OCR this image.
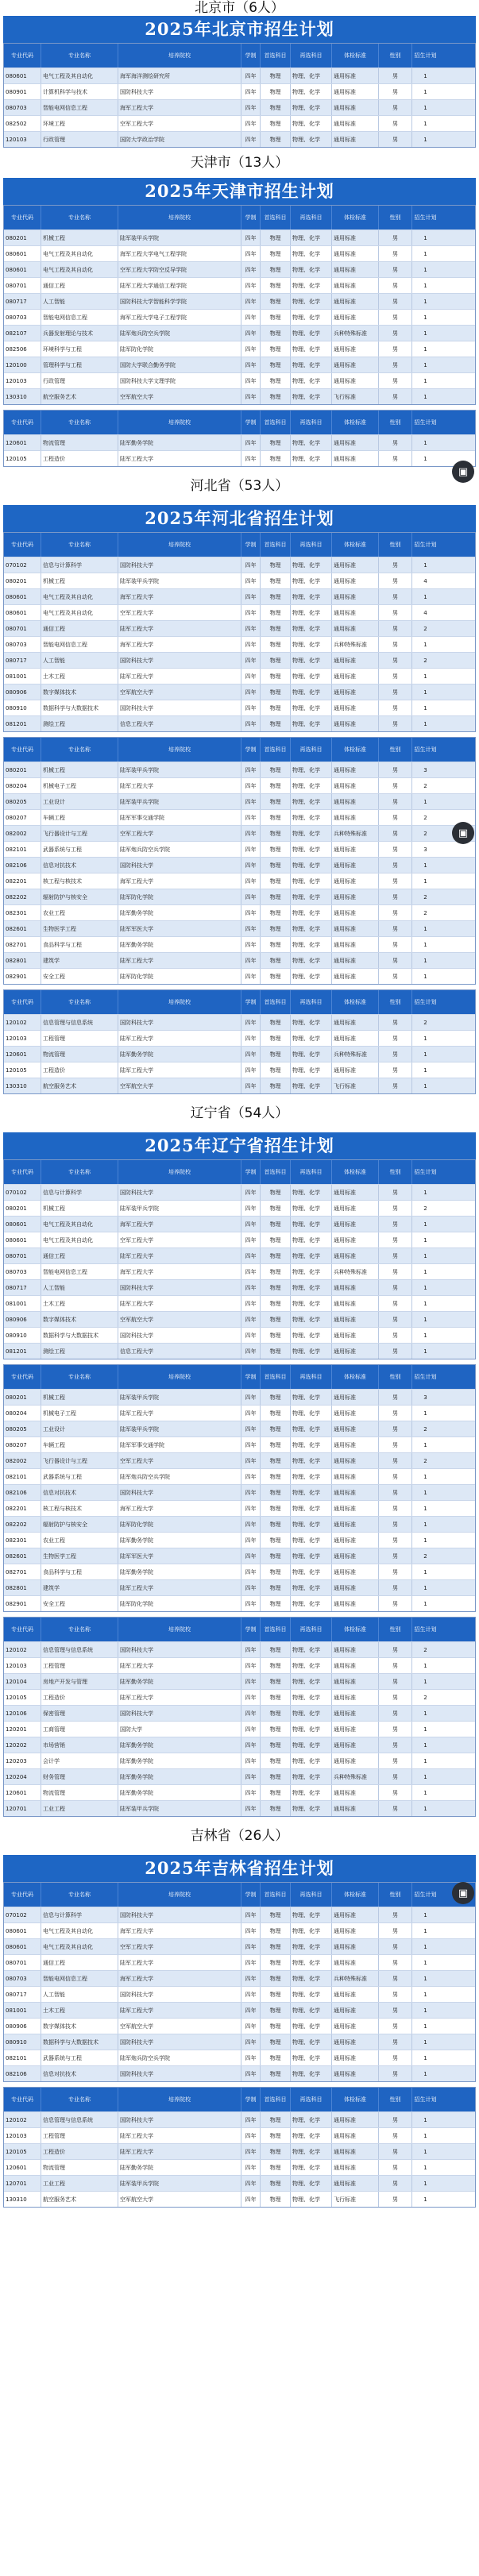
北京市（6人）
2025年北京市招生计划
专业代码	专业名称	培养院校	学制	首选科目	再选科目	体检标准	性别	招生计划
080601	电气工程及其自动化	海军海洋测绘研究所	四年	物理	物理、化学	通用标准	男	1
080901	计算机科学与技术	国防科技大学	四年	物理	物理、化学	通用标准	男	1
080703	智能电网信息工程	海军工程大学	四年	物理	物理、化学	通用标准	男	1
082502	环境工程	空军工程大学	四年	物理	物理、化学	通用标准	男	1
120103	行政管理	国防大学政治学院	四年	物理	物理、化学	通用标准	男	1
天津市（13人）
2025年天津市招生计划
专业代码	专业名称	培养院校	学制	首选科目	再选科目	体检标准	性别	招生计划
080201	机械工程	陆军装甲兵学院	四年	物理	物理、化学	通用标准	男	1
080601	电气工程及其自动化	海军工程大学电气工程学院	四年	物理	物理、化学	通用标准	男	1
080601	电气工程及其自动化	空军工程大学防空反导学院	四年	物理	物理、化学	通用标准	男	1
080701	通信工程	陆军工程大学通信工程学院	四年	物理	物理、化学	通用标准	男	1
080717	人工智能	国防科技大学智能科学学院	四年	物理	物理、化学	通用标准	男	1
080703	智能电网信息工程	海军工程大学电子工程学院	四年	物理	物理、化学	通用标准	男	1
082107	兵器发射理论与技术	陆军炮兵防空兵学院	四年	物理	物理、化学	兵种特殊标准	男	1
082506	环境科学与工程	陆军防化学院	四年	物理	物理、化学	通用标准	男	1
120100	管理科学与工程	国防大学联合勤务学院	四年	物理	物理、化学	通用标准	男	1
120103	行政管理	国防科技大学文理学院	四年	物理	物理、化学	通用标准	男	1
130310	航空服务艺术	空军航空大学	四年	物理	物理、化学	飞行标准	男	1
专业代码	专业名称	培养院校	学制	首选科目	再选科目	体检标准	性别	招生计划
120601	物流管理	陆军勤务学院	四年	物理	物理、化学	通用标准	男	1
120105	工程造价	陆军工程大学	四年	物理	物理、化学	通用标准	男	1
河北省（53人）
2025年河北省招生计划
专业代码	专业名称	培养院校	学制	首选科目	再选科目	体检标准	性别	招生计划
070102	信息与计算科学	国防科技大学	四年	物理	物理、化学	通用标准	男	1
080201	机械工程	陆军装甲兵学院	四年	物理	物理、化学	通用标准	男	4
080601	电气工程及其自动化	海军工程大学	四年	物理	物理、化学	通用标准	男	1
080601	电气工程及其自动化	空军工程大学	四年	物理	物理、化学	通用标准	男	4
080701	通信工程	陆军工程大学	四年	物理	物理、化学	通用标准	男	2
080703	智能电网信息工程	海军工程大学	四年	物理	物理、化学	兵种特殊标准	男	1
080717	人工智能	国防科技大学	四年	物理	物理、化学	通用标准	男	2
081001	土木工程	陆军工程大学	四年	物理	物理、化学	通用标准	男	1
080906	数字媒体技术	空军航空大学	四年	物理	物理、化学	通用标准	男	1
080910	数据科学与大数据技术	国防科技大学	四年	物理	物理、化学	通用标准	男	1
081201	测绘工程	信息工程大学	四年	物理	物理、化学	通用标准	男	1
专业代码	专业名称	培养院校	学制	首选科目	再选科目	体检标准	性别	招生计划
080201	机械工程	陆军装甲兵学院	四年	物理	物理、化学	通用标准	男	3
080204	机械电子工程	陆军工程大学	四年	物理	物理、化学	通用标准	男	2
080205	工业设计	陆军装甲兵学院	四年	物理	物理、化学	通用标准	男	1
080207	车辆工程	陆军军事交通学院	四年	物理	物理、化学	通用标准	男	2
082002	飞行器设计与工程	空军工程大学	四年	物理	物理、化学	兵种特殊标准	男	2
082101	武器系统与工程	陆军炮兵防空兵学院	四年	物理	物理、化学	通用标准	男	3
082106	信息对抗技术	国防科技大学	四年	物理	物理、化学	通用标准	男	1
082201	核工程与核技术	海军工程大学	四年	物理	物理、化学	通用标准	男	1
082202	辐射防护与核安全	陆军防化学院	四年	物理	物理、化学	通用标准	男	2
082301	农业工程	陆军勤务学院	四年	物理	物理、化学	通用标准	男	2
082601	生物医学工程	陆军军医大学	四年	物理	物理、化学	通用标准	男	1
082701	食品科学与工程	陆军勤务学院	四年	物理	物理、化学	通用标准	男	1
082801	建筑学	陆军工程大学	四年	物理	物理、化学	通用标准	男	1
082901	安全工程	陆军防化学院	四年	物理	物理、化学	通用标准	男	1
专业代码	专业名称	培养院校	学制	首选科目	再选科目	体检标准	性别	招生计划
120102	信息管理与信息系统	国防科技大学	四年	物理	物理、化学	通用标准	男	2
120103	工程管理	陆军工程大学	四年	物理	物理、化学	通用标准	男	1
120601	物流管理	陆军勤务学院	四年	物理	物理、化学	兵种特殊标准	男	1
120105	工程造价	陆军工程大学	四年	物理	物理、化学	通用标准	男	1
130310	航空服务艺术	空军航空大学	四年	物理	物理、化学	飞行标准	男	1
辽宁省（54人）
2025年辽宁省招生计划
专业代码	专业名称	培养院校	学制	首选科目	再选科目	体检标准	性别	招生计划
070102	信息与计算科学	国防科技大学	四年	物理	物理、化学	通用标准	男	1
080201	机械工程	陆军装甲兵学院	四年	物理	物理、化学	通用标准	男	2
080601	电气工程及其自动化	海军工程大学	四年	物理	物理、化学	通用标准	男	1
080601	电气工程及其自动化	空军工程大学	四年	物理	物理、化学	通用标准	男	1
080701	通信工程	陆军工程大学	四年	物理	物理、化学	通用标准	男	1
080703	智能电网信息工程	海军工程大学	四年	物理	物理、化学	兵种特殊标准	男	1
080717	人工智能	国防科技大学	四年	物理	物理、化学	通用标准	男	1
081001	土木工程	陆军工程大学	四年	物理	物理、化学	通用标准	男	1
080906	数字媒体技术	空军航空大学	四年	物理	物理、化学	通用标准	男	1
080910	数据科学与大数据技术	国防科技大学	四年	物理	物理、化学	通用标准	男	1
081201	测绘工程	信息工程大学	四年	物理	物理、化学	通用标准	男	1
专业代码	专业名称	培养院校	学制	首选科目	再选科目	体检标准	性别	招生计划
080201	机械工程	陆军装甲兵学院	四年	物理	物理、化学	通用标准	男	3
080204	机械电子工程	陆军工程大学	四年	物理	物理、化学	通用标准	男	1
080205	工业设计	陆军装甲兵学院	四年	物理	物理、化学	通用标准	男	2
080207	车辆工程	陆军军事交通学院	四年	物理	物理、化学	通用标准	男	1
082002	飞行器设计与工程	空军工程大学	四年	物理	物理、化学	通用标准	男	2
082101	武器系统与工程	陆军炮兵防空兵学院	四年	物理	物理、化学	通用标准	男	1
082106	信息对抗技术	国防科技大学	四年	物理	物理、化学	通用标准	男	1
082201	核工程与核技术	海军工程大学	四年	物理	物理、化学	通用标准	男	1
082202	辐射防护与核安全	陆军防化学院	四年	物理	物理、化学	通用标准	男	1
082301	农业工程	陆军勤务学院	四年	物理	物理、化学	通用标准	男	1
082601	生物医学工程	陆军军医大学	四年	物理	物理、化学	通用标准	男	2
082701	食品科学与工程	陆军勤务学院	四年	物理	物理、化学	通用标准	男	1
082801	建筑学	陆军工程大学	四年	物理	物理、化学	通用标准	男	1
082901	安全工程	陆军防化学院	四年	物理	物理、化学	通用标准	男	1
专业代码	专业名称	培养院校	学制	首选科目	再选科目	体检标准	性别	招生计划
120102	信息管理与信息系统	国防科技大学	四年	物理	物理、化学	通用标准	男	2
120103	工程管理	陆军工程大学	四年	物理	物理、化学	通用标准	男	1
120104	房地产开发与管理	陆军勤务学院	四年	物理	物理、化学	通用标准	男	1
120105	工程造价	陆军工程大学	四年	物理	物理、化学	通用标准	男	2
120106	保密管理	国防科技大学	四年	物理	物理、化学	通用标准	男	1
120201	工商管理	国防大学	四年	物理	物理、化学	通用标准	男	1
120202	市场营销	陆军勤务学院	四年	物理	物理、化学	通用标准	男	1
120203	会计学	陆军勤务学院	四年	物理	物理、化学	通用标准	男	1
120204	财务管理	陆军勤务学院	四年	物理	物理、化学	兵种特殊标准	男	1
120601	物流管理	陆军勤务学院	四年	物理	物理、化学	通用标准	男	1
120701	工业工程	陆军装甲兵学院	四年	物理	物理、化学	通用标准	男	1
吉林省（26人）
2025年吉林省招生计划
专业代码	专业名称	培养院校	学制	首选科目	再选科目	体检标准	性别	招生计划
070102	信息与计算科学	国防科技大学	四年	物理	物理、化学	通用标准	男	1
080601	电气工程及其自动化	海军工程大学	四年	物理	物理、化学	通用标准	男	1
080601	电气工程及其自动化	空军工程大学	四年	物理	物理、化学	通用标准	男	1
080701	通信工程	陆军工程大学	四年	物理	物理、化学	通用标准	男	1
080703	智能电网信息工程	海军工程大学	四年	物理	物理、化学	兵种特殊标准	男	1
080717	人工智能	国防科技大学	四年	物理	物理、化学	通用标准	男	1
081001	土木工程	陆军工程大学	四年	物理	物理、化学	通用标准	男	1
080906	数字媒体技术	空军航空大学	四年	物理	物理、化学	通用标准	男	1
080910	数据科学与大数据技术	国防科技大学	四年	物理	物理、化学	通用标准	男	1
082101	武器系统与工程	陆军炮兵防空兵学院	四年	物理	物理、化学	通用标准	男	1
082106	信息对抗技术	国防科技大学	四年	物理	物理、化学	通用标准	男	1
专业代码	专业名称	培养院校	学制	首选科目	再选科目	体检标准	性别	招生计划
120102	信息管理与信息系统	国防科技大学	四年	物理	物理、化学	通用标准	男	1
120103	工程管理	陆军工程大学	四年	物理	物理、化学	通用标准	男	1
120105	工程造价	陆军工程大学	四年	物理	物理、化学	通用标准	男	1
120601	物流管理	陆军勤务学院	四年	物理	物理、化学	通用标准	男	1
120701	工业工程	陆军装甲兵学院	四年	物理	物理、化学	通用标准	男	1
130310	航空服务艺术	空军航空大学	四年	物理	物理、化学	飞行标准	男	1
▣
▣
▣
